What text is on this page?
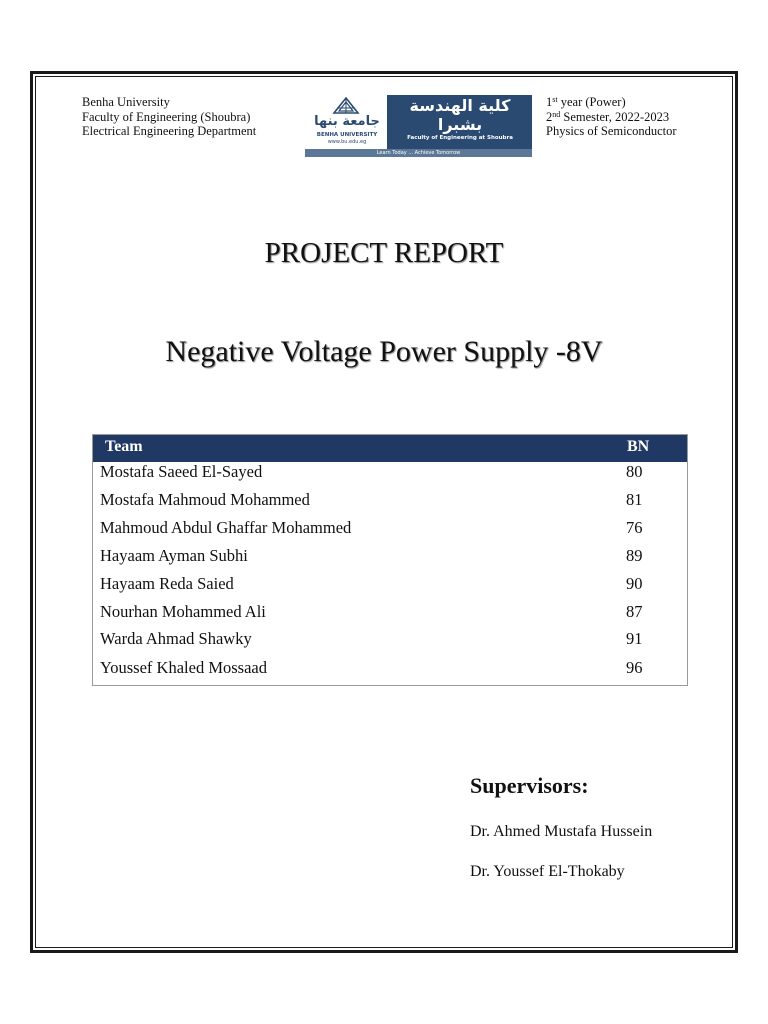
Benha University
Faculty of Engineering (Shoubra)
Electrical Engineering Department
جامعة بنها
BENHA UNIVERSITY
www.bu.edu.eg
كلية الهندسة
بشبرا
Faculty of Engineering at Shoubra
Learn Today ... Achieve Tomorrow
1st year (Power)
2nd Semester, 2022-2023
Physics of Semiconductor
PROJECT REPORT
Negative Voltage Power Supply -8V
Team	BN
Mostafa Saeed El-Sayed	80
Mostafa Mahmoud Mohammed	81
Mahmoud Abdul Ghaffar Mohammed	76
Hayaam Ayman Subhi	89
Hayaam Reda Saied	90
Nourhan Mohammed Ali	87
Warda Ahmad Shawky	91
Youssef Khaled Mossaad	96
Supervisors:
Dr. Ahmed Mustafa Hussein
Dr. Youssef El-Thokaby
